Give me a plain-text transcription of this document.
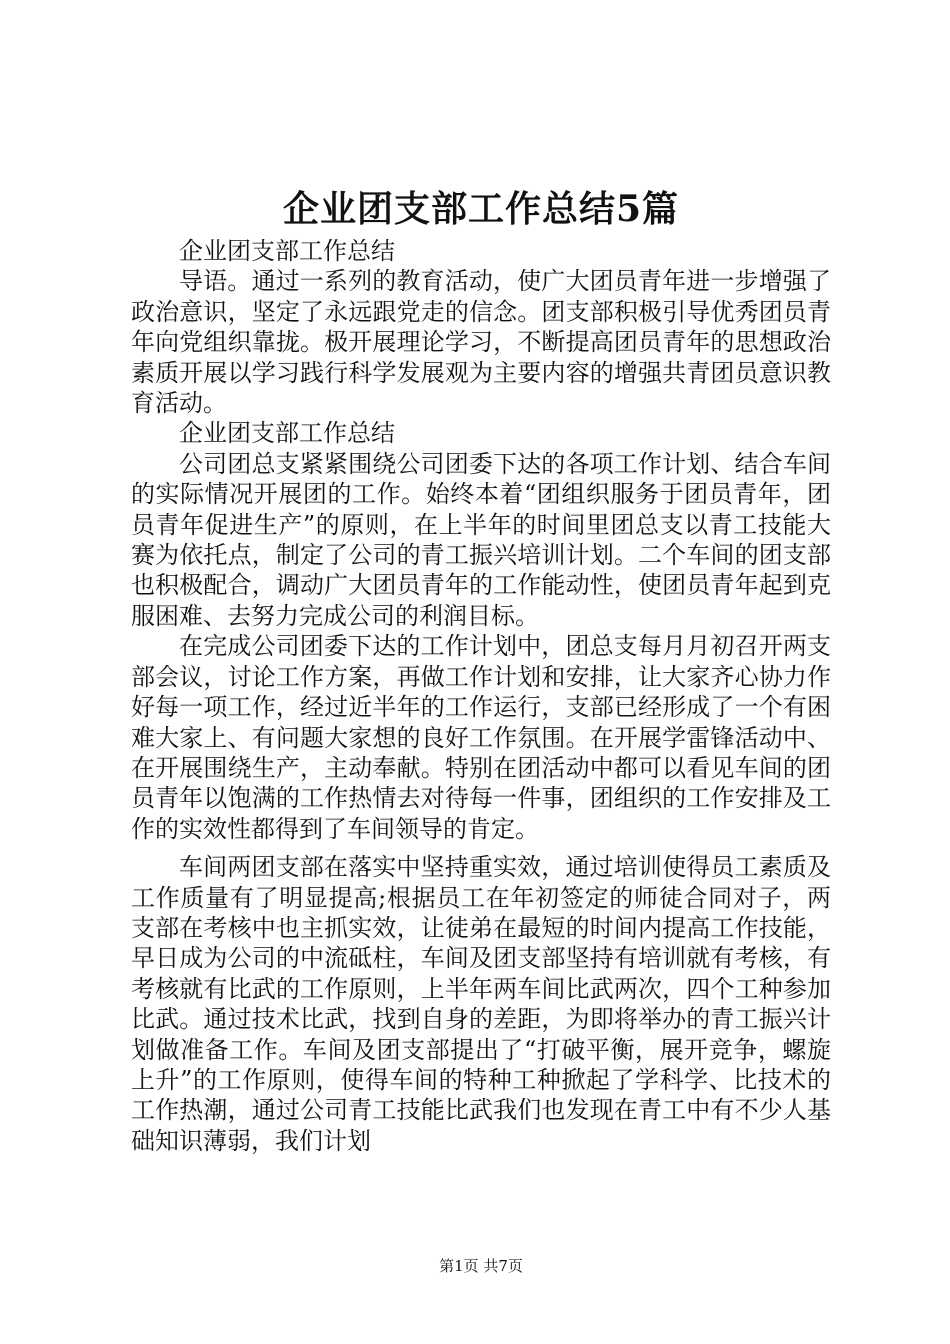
企业团支部工作总结5篇

企业团支部工作总结

导语。通过一系列的教育活动，使广大团员青年进一步增强了政治意识，坚定了永远跟党走的信念。团支部积极引导优秀团员青年向党组织靠拢。极开展理论学习，不断提高团员青年的思想政治素质开展以学习践行科学发展观为主要内容的增强共青团员意识教育活动。

企业团支部工作总结

公司团总支紧紧围绕公司团委下达的各项工作计划、结合车间的实际情况开展团的工作。始终本着“团组织服务于团员青年，团员青年促进生产”的原则，在上半年的时间里团总支以青工技能大赛为依托点，制定了公司的青工振兴培训计划。二个车间的团支部也积极配合，调动广大团员青年的工作能动性，使团员青年起到克服困难、去努力完成公司的利润目标。

在完成公司团委下达的工作计划中，团总支每月月初召开两支部会议，讨论工作方案，再做工作计划和安排，让大家齐心协力作好每一项工作，经过近半年的工作运行，支部已经形成了一个有困难大家上、有问题大家想的良好工作氛围。在开展学雷锋活动中、在开展围绕生产，主动奉献。特别在团活动中都可以看见车间的团员青年以饱满的工作热情去对待每一件事，团组织的工作安排及工作的实效性都得到了车间领导的肯定。

车间两团支部在落实中坚持重实效，通过培训使得员工素质及工作质量有了明显提高;根据员工在年初签定的师徒合同对子，两支部在考核中也主抓实效，让徒弟在最短的时间内提高工作技能，早日成为公司的中流砥柱，车间及团支部坚持有培训就有考核，有考核就有比武的工作原则，上半年两车间比武两次，四个工种参加比武。通过技术比武，找到自身的差距，为即将举办的青工振兴计划做准备工作。车间及团支部提出了“打破平衡，展开竞争，螺旋上升”的工作原则，使得车间的特种工种掀起了学科学、比技术的工作热潮，通过公司青工技能比武我们也发现在青工中有不少人基础知识薄弱，我们计划

第1页 共7页
